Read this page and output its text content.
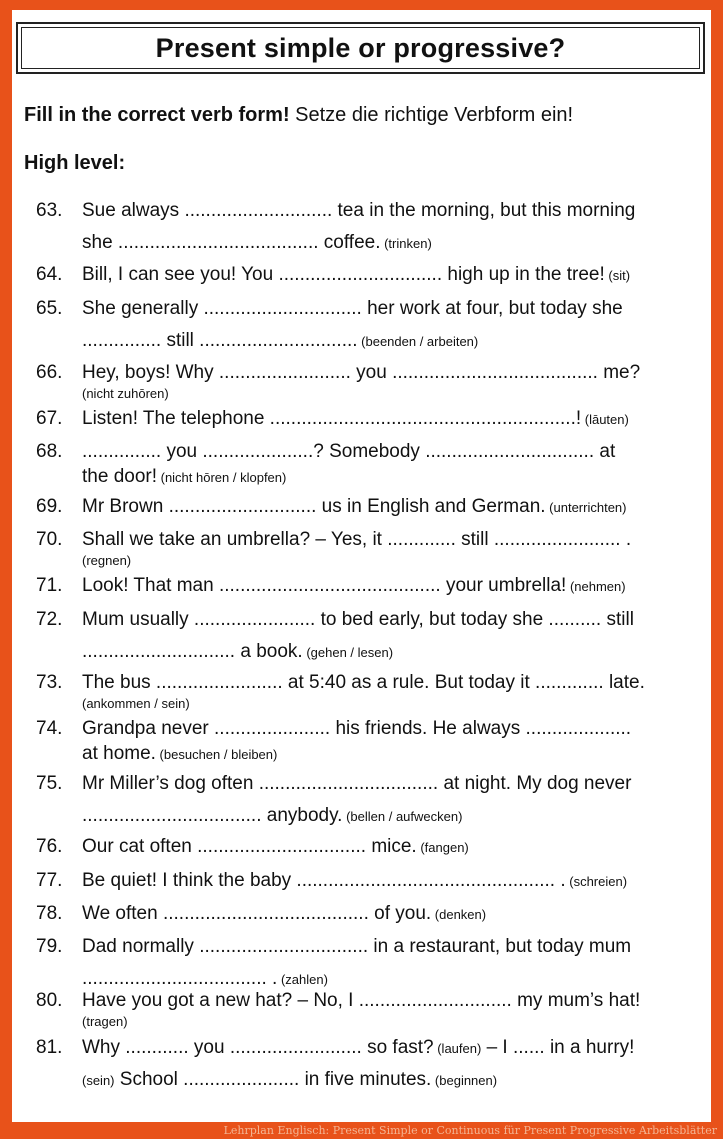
Present simple or progressive?
Fill in the correct verb form! Setze die richtige Verbform ein!
High level:
63.	Sue always ............................ tea in the morning, but this morning
she ...................................... coffee. (trinken)
64.	Bill, I can see you! You ............................... high up in the tree! (sit)
65.	She generally .............................. her work at four, but today she
............... still .............................. (beenden / arbeiten)
66.	Hey, boys! Why ......................... you ....................................... me?
(nicht zuhōren)
67.	Listen! The telephone ..........................................................! (lāuten)
68.	............... you .....................? Somebody ................................ at
the door! (nicht hōren / klopfen)
69.	Mr Brown ............................ us in English and German. (unterrichten)
70.	Shall we take an umbrella? – Yes, it ............. still ........................ .
(regnen)
71.	Look! That man .......................................... your umbrella! (nehmen)
72.	Mum usually ....................... to bed early, but today she .......... still
............................. a book. (gehen / lesen)
73.	The bus ........................ at 5:40 as a rule. But today it ............. late.
(ankommen / sein)
74.	Grandpa never ...................... his friends. He always ....................
at home. (besuchen / bleiben)
75.	Mr Miller’s dog often .................................. at night. My dog never
.................................. anybody. (bellen / aufwecken)
76.	Our cat often ................................ mice. (fangen)
77.	Be quiet! I think the baby ................................................. . (schreien)
78.	We often ....................................... of you. (denken)
79.	Dad normally ................................ in a restaurant, but today mum
................................... . (zahlen)
80.	Have you got a new hat? – No, I ............................. my mum’s hat!
(tragen)
81.	Why ............ you ......................... so fast? (laufen) – I ...... in a hurry!
(sein) School ...................... in five minutes. (beginnen)
Lehrplan Englisch: Present Simple or Continuous für Present Progressive Arbeitsblätter
